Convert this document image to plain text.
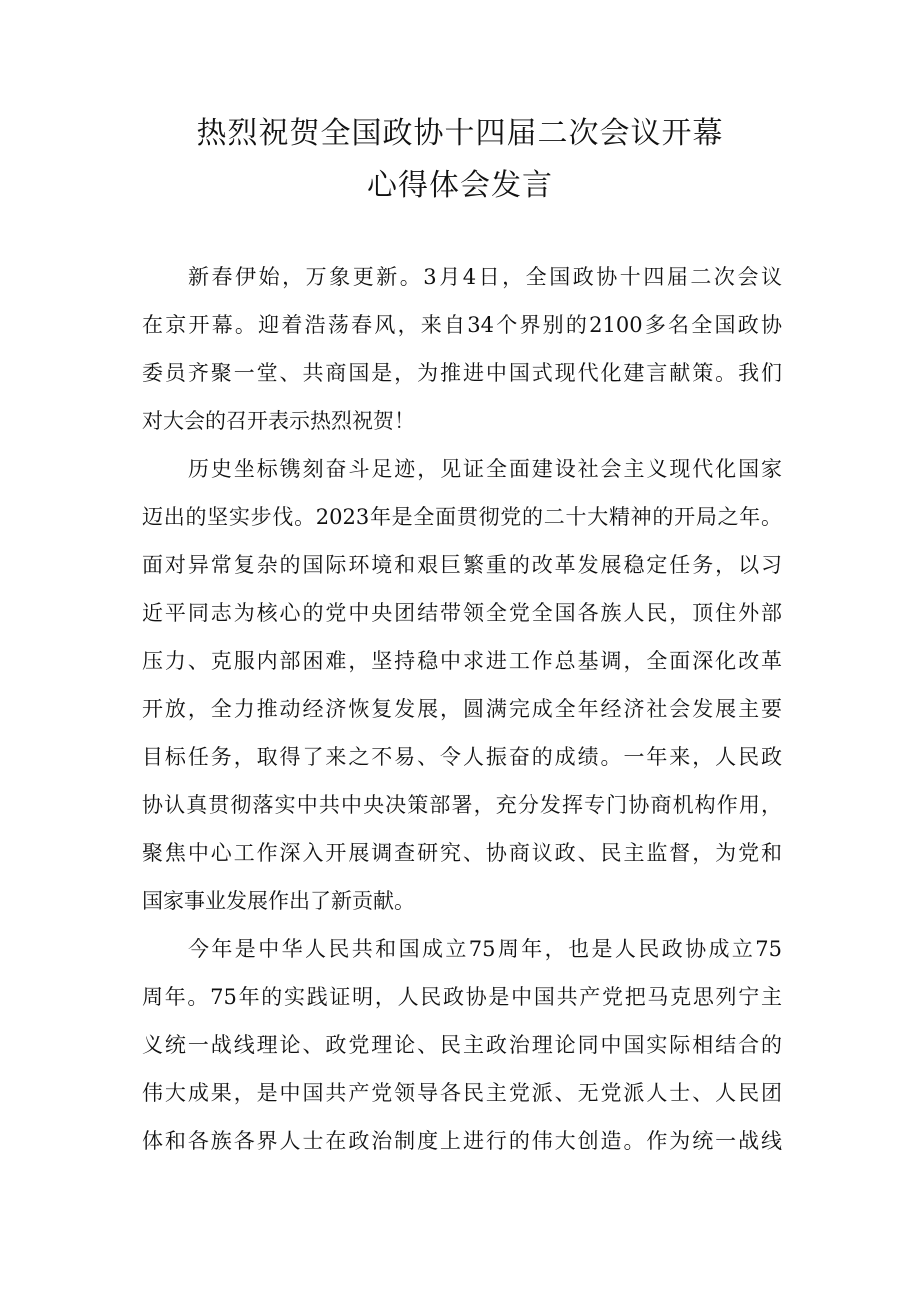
热烈祝贺全国政协十四届二次会议开幕
心得体会发言
新春伊始，万象更新。3月4日，全国政协十四届二次会议
在京开幕。迎着浩荡春风，来自34个界别的2100多名全国政协
委员齐聚一堂、共商国是，为推进中国式现代化建言献策。我们
对大会的召开表示热烈祝贺！
历史坐标镌刻奋斗足迹，见证全面建设社会主义现代化国家
迈出的坚实步伐。2023年是全面贯彻党的二十大精神的开局之年。
面对异常复杂的国际环境和艰巨繁重的改革发展稳定任务，以习
近平同志为核心的党中央团结带领全党全国各族人民，顶住外部
压力、克服内部困难，坚持稳中求进工作总基调，全面深化改革
开放，全力推动经济恢复发展，圆满完成全年经济社会发展主要
目标任务，取得了来之不易、令人振奋的成绩。一年来，人民政
协认真贯彻落实中共中央决策部署，充分发挥专门协商机构作用，
聚焦中心工作深入开展调查研究、协商议政、民主监督，为党和
国家事业发展作出了新贡献。
今年是中华人民共和国成立75周年，也是人民政协成立75
周年。75年的实践证明，人民政协是中国共产党把马克思列宁主
义统一战线理论、政党理论、民主政治理论同中国实际相结合的
伟大成果，是中国共产党领导各民主党派、无党派人士、人民团
体和各族各界人士在政治制度上进行的伟大创造。作为统一战线
